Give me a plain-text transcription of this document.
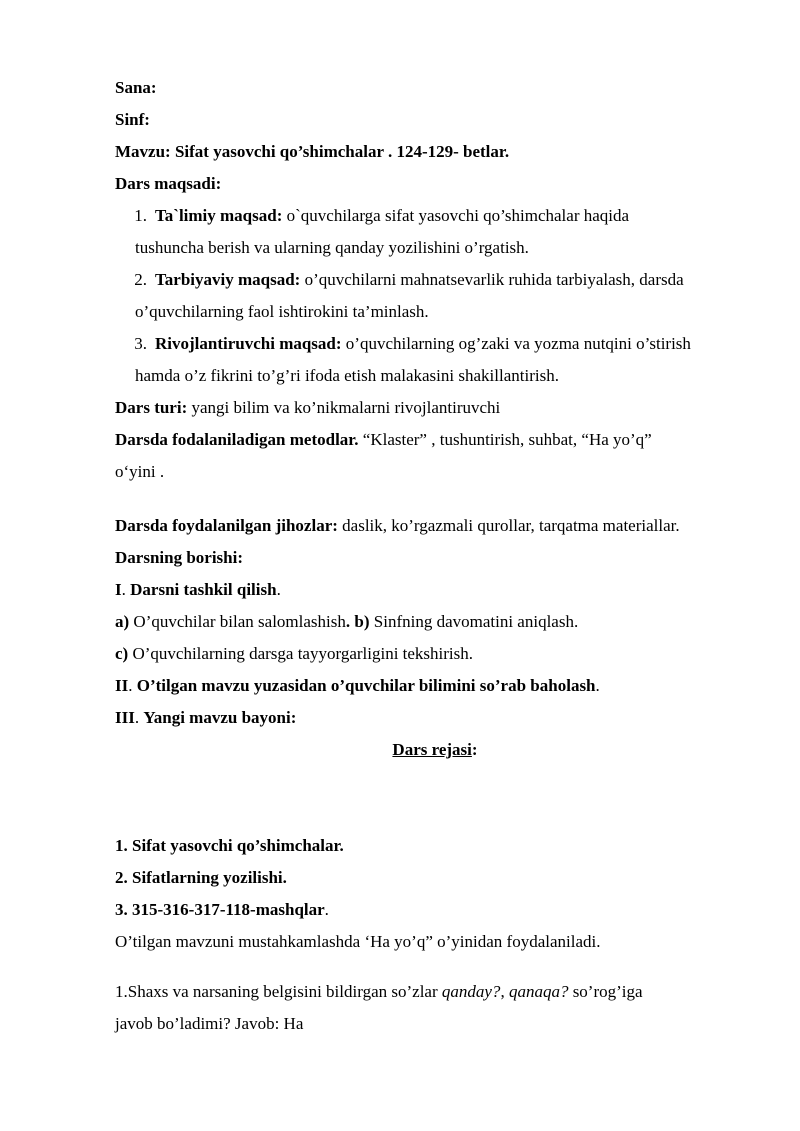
Sana:
Sinf:
Mavzu: Sifat yasovchi qo’shimchalar . 124-129- betlar.
Dars maqsadi:
1. Ta`limiy maqsad: o`quvchilarga sifat yasovchi qo’shimchalar haqida
tushuncha berish va ularning qanday yozilishini o’rgatish.
2. Tarbiyaviy maqsad: o’quvchilarni mahnatsevarlik ruhida tarbiyalash, darsda
o’quvchilarning faol ishtirokini ta’minlash.
3. Rivojlantiruvchi maqsad: o’quvchilarning og’zaki va yozma nutqini o’stirish
hamda o’z fikrini to’g’ri ifoda etish malakasini shakillantirish.
Dars turi: yangi bilim va ko’nikmalarni rivojlantiruvchi
Darsda fodalaniladigan metodlar. “Klaster” , tushuntirish, suhbat, “Ha yo’q”
o‘yini .
Darsda foydalanilgan jihozlar: daslik, ko’rgazmali qurollar, tarqatma materiallar.
Darsning borishi:
I. Darsni tashkil qilish.
a) O’quvchilar bilan salomlashish. b) Sinfning davomatini aniqlash.
c) O’quvchilarning darsga tayyorgarligini tekshirish.
II. O’tilgan mavzu yuzasidan o’quvchilar bilimini so’rab baholash.
III. Yangi mavzu bayoni:
Dars rejasi:
1. Sifat yasovchi qo’shimchalar.
2. Sifatlarning yozilishi.
3. 315-316-317-118-mashqlar.
O’tilgan mavzuni mustahkamlashda ‘Ha yo’q” o’yinidan foydalaniladi.
1.Shaxs va narsaning belgisini bildirgan so’zlar qanday?, qanaqa? so’rog’iga
javob bo’ladimi? Javob: Ha
